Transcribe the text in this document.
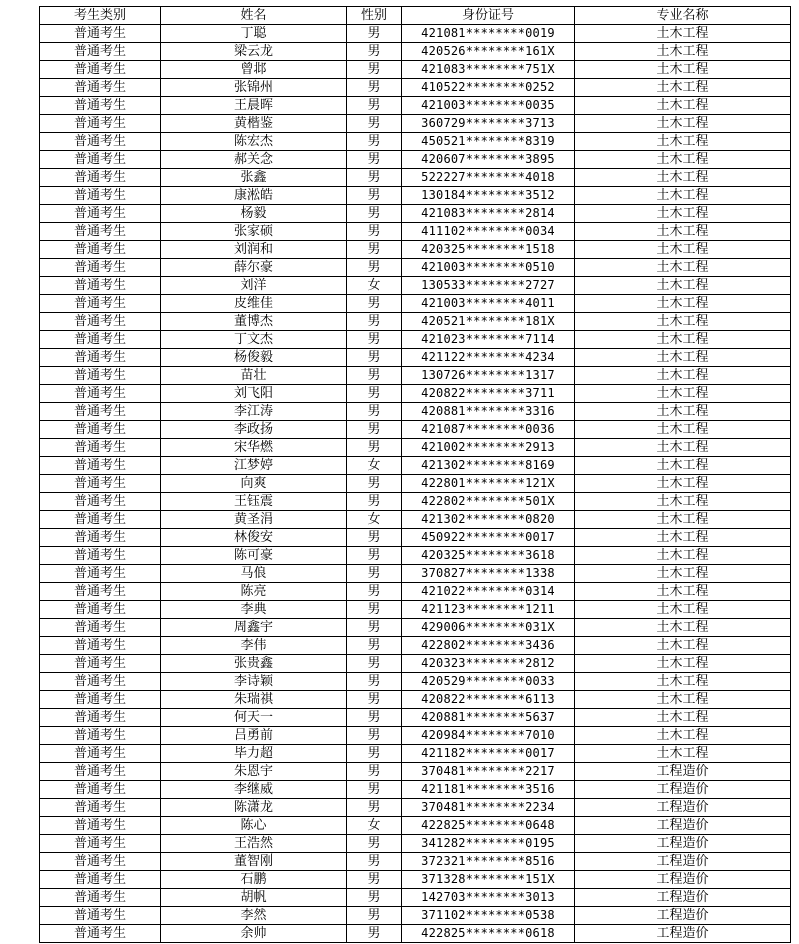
考生类别	姓名	性别	身份证号	专业名称
普通考生	丁聪	男	421081********0019	土木工程
普通考生	梁云龙	男	420526********161X	土木工程
普通考生	曾邶	男	421083********751X	土木工程
普通考生	张锦州	男	410522********0252	土木工程
普通考生	王晨晖	男	421003********0035	土木工程
普通考生	黄楷鉴	男	360729********3713	土木工程
普通考生	陈宏杰	男	450521********8319	土木工程
普通考生	郝关念	男	420607********3895	土木工程
普通考生	张鑫	男	522227********4018	土木工程
普通考生	康淞皓	男	130184********3512	土木工程
普通考生	杨毅	男	421083********2814	土木工程
普通考生	张家硕	男	411102********0034	土木工程
普通考生	刘润和	男	420325********1518	土木工程
普通考生	薛尔豪	男	421003********0510	土木工程
普通考生	刘洋	女	130533********2727	土木工程
普通考生	皮维佳	男	421003********4011	土木工程
普通考生	董博杰	男	420521********181X	土木工程
普通考生	丁文杰	男	421023********7114	土木工程
普通考生	杨俊毅	男	421122********4234	土木工程
普通考生	苗壮	男	130726********1317	土木工程
普通考生	刘飞阳	男	420822********3711	土木工程
普通考生	李江涛	男	420881********3316	土木工程
普通考生	李政扬	男	421087********0036	土木工程
普通考生	宋华燃	男	421002********2913	土木工程
普通考生	江梦婷	女	421302********8169	土木工程
普通考生	向爽	男	422801********121X	土木工程
普通考生	王钰震	男	422802********501X	土木工程
普通考生	黄圣涓	女	421302********0820	土木工程
普通考生	林俊安	男	450922********0017	土木工程
普通考生	陈可豪	男	420325********3618	土木工程
普通考生	马俍	男	370827********1338	土木工程
普通考生	陈亮	男	421022********0314	土木工程
普通考生	李典	男	421123********1211	土木工程
普通考生	周鑫宇	男	429006********031X	土木工程
普通考生	李伟	男	422802********3436	土木工程
普通考生	张贵鑫	男	420323********2812	土木工程
普通考生	李诗颖	男	420529********0033	土木工程
普通考生	朱瑞祺	男	420822********6113	土木工程
普通考生	何天一	男	420881********5637	土木工程
普通考生	吕勇前	男	420984********7010	土木工程
普通考生	毕力超	男	421182********0017	土木工程
普通考生	朱恩宇	男	370481********2217	工程造价
普通考生	李继威	男	421181********3516	工程造价
普通考生	陈潇龙	男	370481********2234	工程造价
普通考生	陈心	女	422825********0648	工程造价
普通考生	王浩然	男	341282********0195	工程造价
普通考生	董智刚	男	372321********8516	工程造价
普通考生	石鹏	男	371328********151X	工程造价
普通考生	胡帆	男	142703********3013	工程造价
普通考生	李然	男	371102********0538	工程造价
普通考生	余帅	男	422825********0618	工程造价
